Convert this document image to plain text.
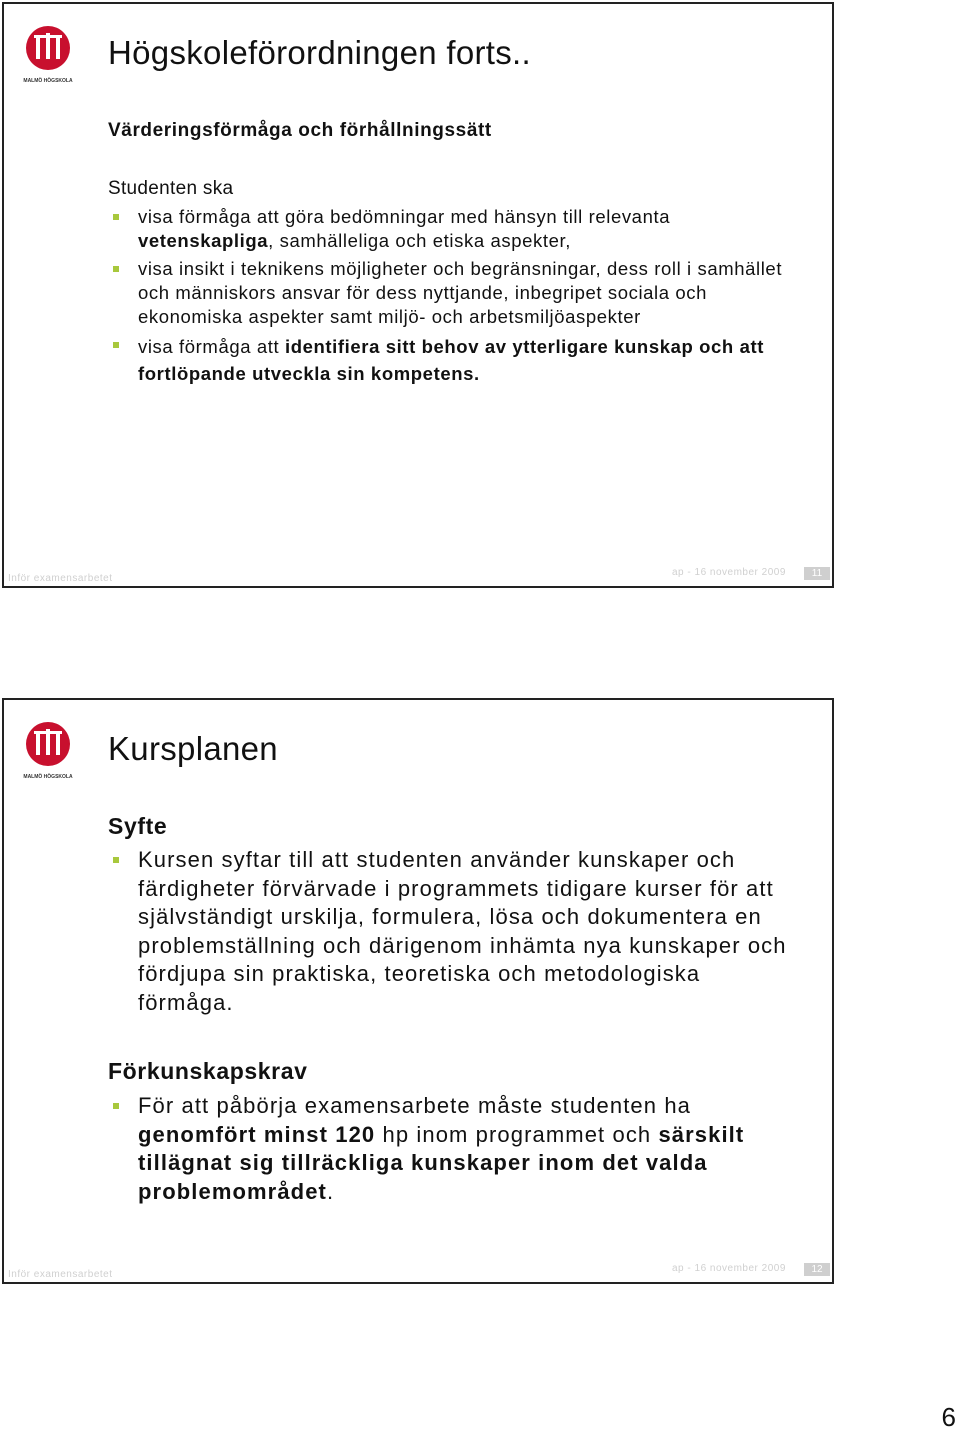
MALMÖ HÖGSKOLA
Högskoleförordningen forts..
Värderingsförmåga och förhållningssätt
Studenten ska
visa förmåga att göra bedömningar med hänsyn till relevanta vetenskapliga, samhälleliga och etiska aspekter,
visa insikt i teknikens möjligheter och begränsningar, dess roll i samhället och människors ansvar för dess nyttjande, inbegripet sociala och ekonomiska aspekter samt miljö- och arbetsmiljöaspekter
visa förmåga att identifiera sitt behov av ytterligare kunskap och att fortlöpande utveckla sin kompetens.
Inför examensarbetet
ap - 16 november 2009	11
MALMÖ HÖGSKOLA
Kursplanen
Syfte
Kursen syftar till att studenten använder kunskaper och färdigheter förvärvade i programmets tidigare kurser för att självständigt urskilja, formulera, lösa och dokumentera en problemställning och därigenom inhämta nya kunskaper och fördjupa sin praktiska, teoretiska och metodologiska förmåga.
Förkunskapskrav
För att påbörja examensarbete måste studenten ha genomfört minst 120 hp inom programmet och särskilt tillägnat sig tillräckliga kunskaper inom det valda problemområdet.
Inför examensarbetet
ap - 16 november 2009	12
6
